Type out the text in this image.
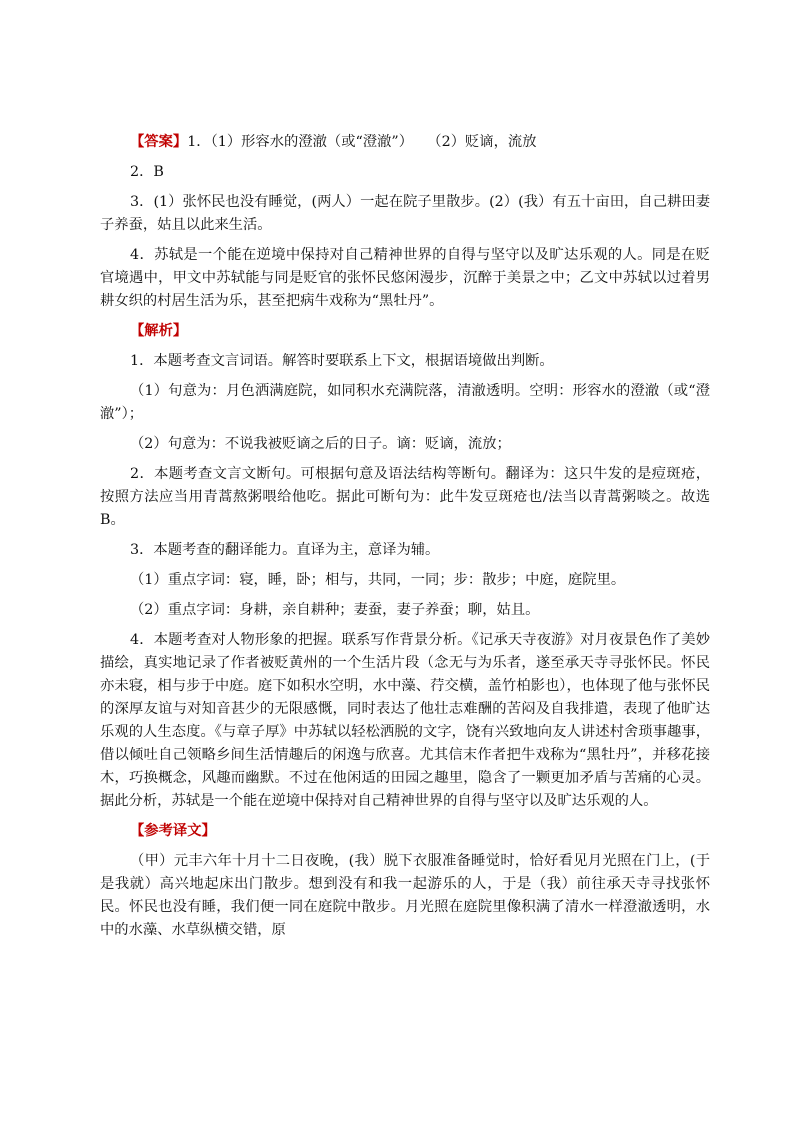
【答案】1．（1）形容水的澄澈（或“澄澈”）　　（2）贬谪，流放

2．B

3．(1）张怀民也没有睡觉，(两人）一起在院子里散步。(2）(我）有五十亩田，自己耕田妻子养蚕，姑且以此来生活。

4．苏轼是一个能在逆境中保持对自己精神世界的自得与坚守以及旷达乐观的人。同是在贬官境遇中，甲文中苏轼能与同是贬官的张怀民悠闲漫步，沉醉于美景之中；乙文中苏轼以过着男耕女织的村居生活为乐，甚至把病牛戏称为“黑牡丹”。

【解析】

1．本题考查文言词语。解答时要联系上下文，根据语境做出判断。

（1）句意为：月色洒满庭院，如同积水充满院落，清澈透明。空明：形容水的澄澈（或“澄澈”）；

（2）句意为：不说我被贬谪之后的日子。谪：贬谪，流放；

2．本题考查文言文断句。可根据句意及语法结构等断句。翻译为：这只牛发的是痘斑疮，按照方法应当用青蒿熬粥喂给他吃。据此可断句为：此牛发豆斑疮也/法当以青蒿粥啖之。故选B。

3．本题考查的翻译能力。直译为主，意译为辅。

（1）重点字词：寝，睡，卧；相与，共同，一同；步：散步；中庭，庭院里。

（2）重点字词：身耕，亲自耕种；妻蚕，妻子养蚕；聊，姑且。

4．本题考查对人物形象的把握。联系写作背景分析。《记承天寺夜游》对月夜景色作了美妙描绘，真实地记录了作者被贬黄州的一个生活片段（念无与为乐者，遂至承天寺寻张怀民。怀民亦未寝，相与步于中庭。庭下如积水空明，水中藻、荇交横，盖竹柏影也），也体现了他与张怀民的深厚友谊与对知音甚少的无限感慨，同时表达了他壮志难酬的苦闷及自我排遣，表现了他旷达乐观的人生态度。《与章子厚》中苏轼以轻松洒脱的文字，饶有兴致地向友人讲述村舍琐事趣事，借以倾吐自己领略乡间生活情趣后的闲逸与欣喜。尤其信末作者把牛戏称为“黑牡丹”，并移花接木，巧换概念，风趣而幽默。不过在他闲适的田园之趣里，隐含了一颗更加矛盾与苦痛的心灵。据此分析，苏轼是一个能在逆境中保持对自己精神世界的自得与坚守以及旷达乐观的人。

【参考译文】

（甲）元丰六年十月十二日夜晚，(我）脱下衣服准备睡觉时，恰好看见月光照在门上，(于是我就）高兴地起床出门散步。想到没有和我一起游乐的人，于是（我）前往承天寺寻找张怀民。怀民也没有睡，我们便一同在庭院中散步。月光照在庭院里像积满了清水一样澄澈透明，水中的水藻、水草纵横交错，原
